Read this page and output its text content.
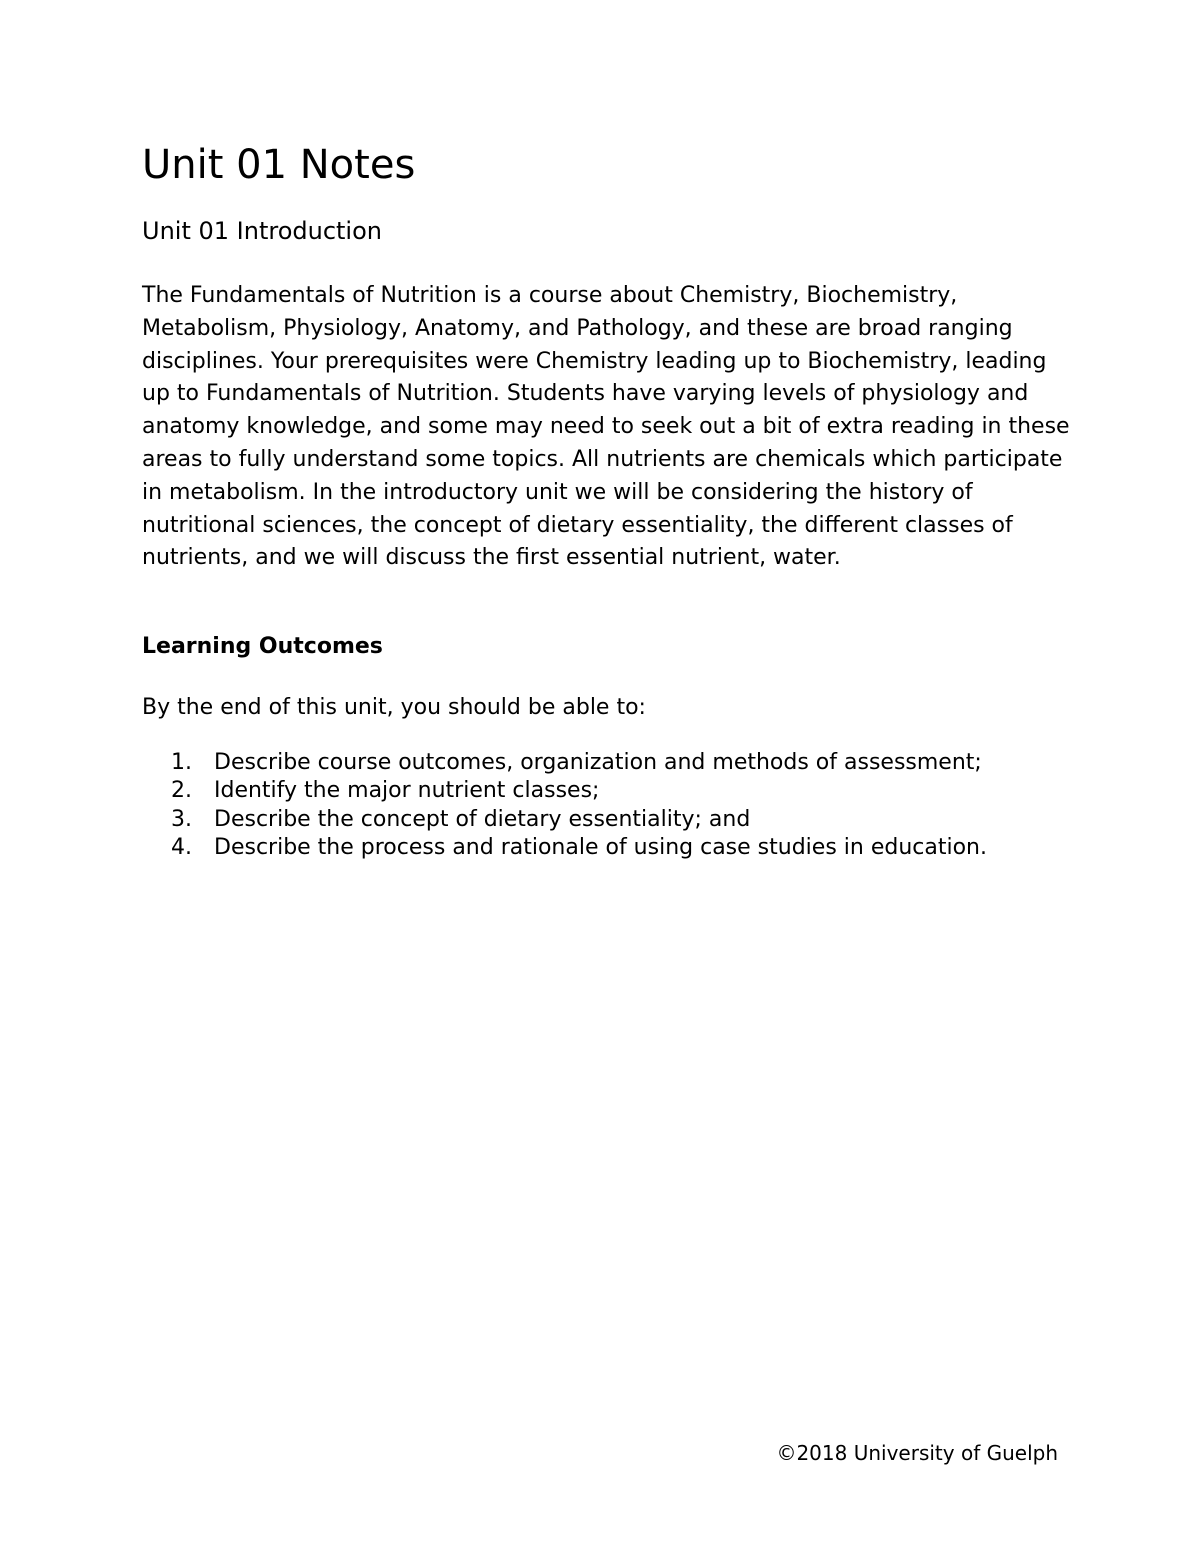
Unit 01 Notes
Unit 01 Introduction

The Fundamentals of Nutrition is a course about Chemistry, Biochemistry, Metabolism, Physiology, Anatomy, and Pathology, and these are broad ranging disciplines. Your prerequisites were Chemistry leading up to Biochemistry, leading up to Fundamentals of Nutrition. Students have varying levels of physiology and anatomy knowledge, and some may need to seek out a bit of extra reading in these areas to fully understand some topics. All nutrients are chemicals which participate in metabolism. In the introductory unit we will be considering the history of nutritional sciences, the concept of dietary essentiality, the different classes of nutrients, and we will discuss the first essential nutrient, water.

Learning Outcomes

By the end of this unit, you should be able to:

1.	Describe course outcomes, organization and methods of assessment;
2.	Identify the major nutrient classes;
3.	Describe the concept of dietary essentiality; and
4.	Describe the process and rationale of using case studies in education.

©2018 University of Guelph
